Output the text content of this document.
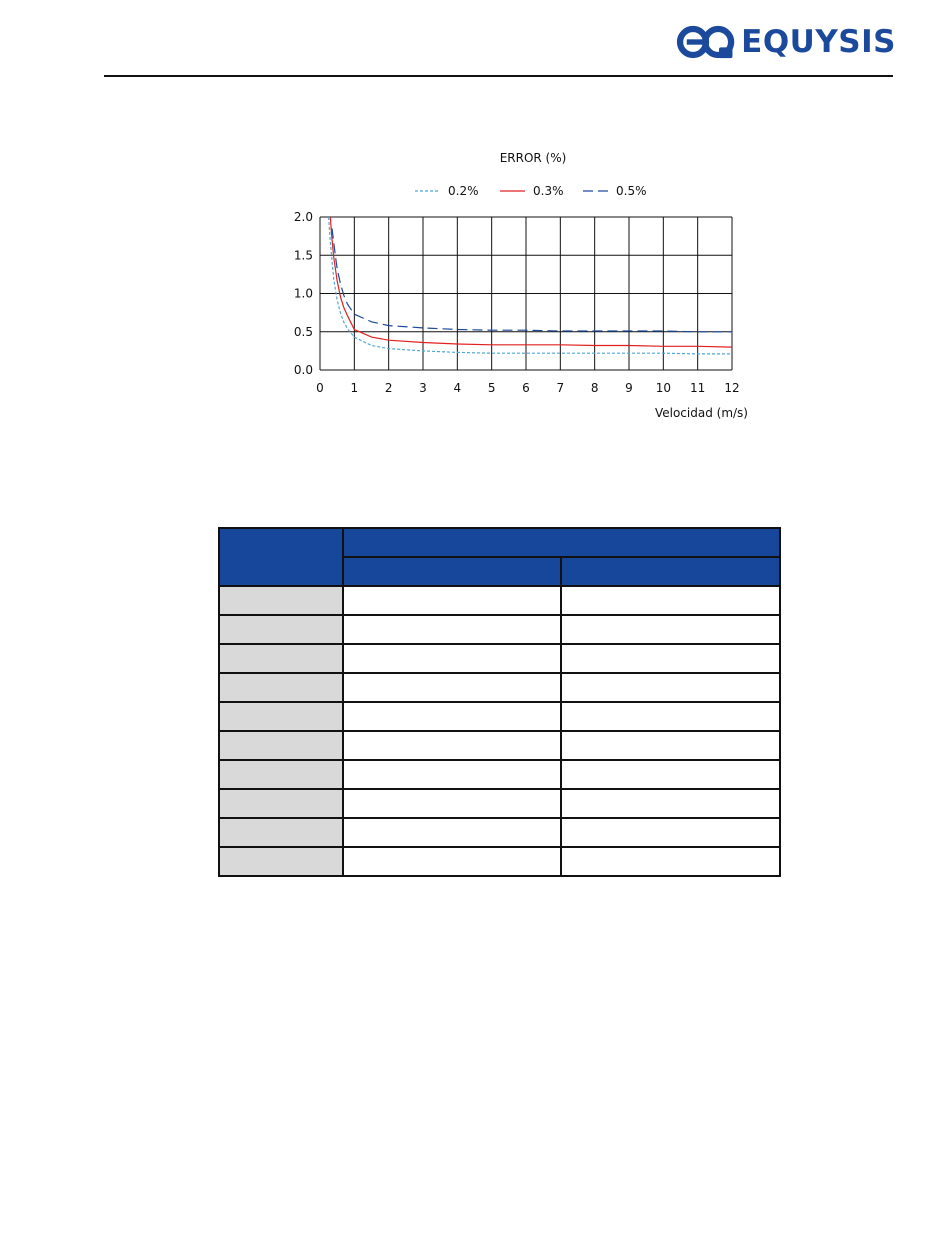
EQUYSIS
ERROR (%)
0.2%	0.3%	0.5%
0 1 2 3 4 5 6 7 8 9 10 11 12
0.0
0.5
1.0
1.5
2.0
Velocidad (m/s)
